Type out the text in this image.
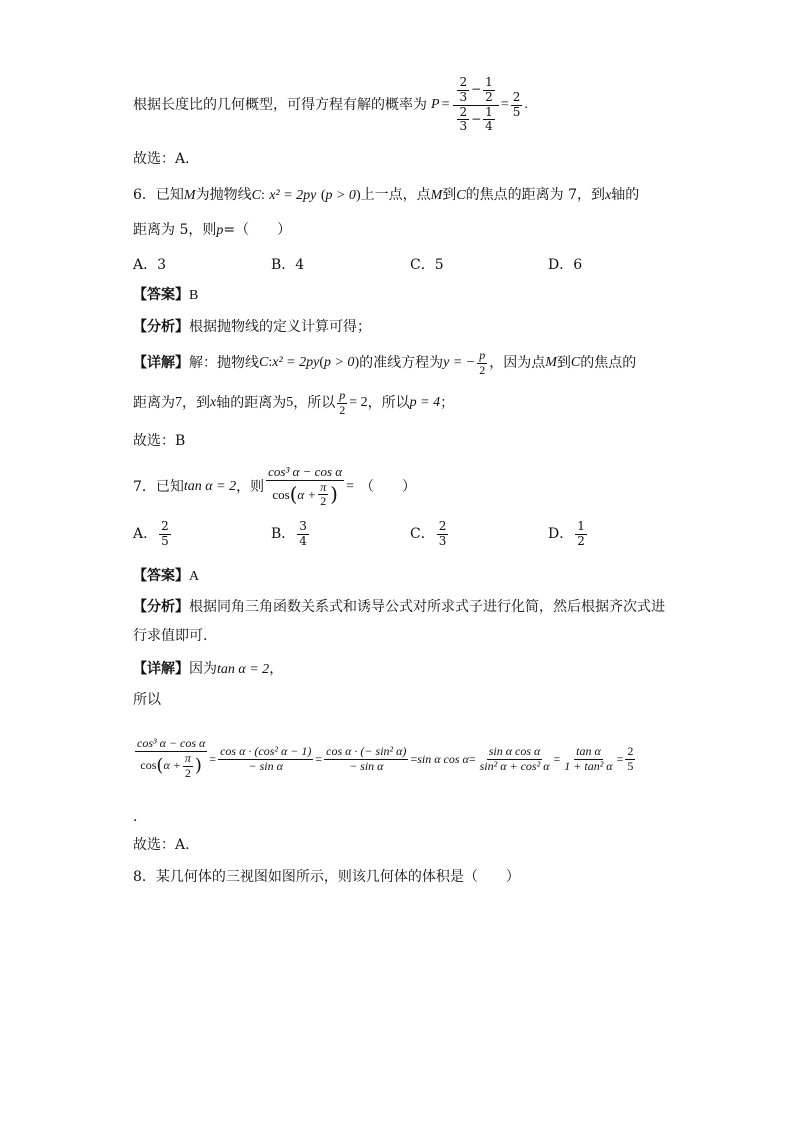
根据长度比的几何概型，可得方程有解的概率为 $P = \frac{\frac{2}{3} - \frac{1}{2}}{\frac{2}{3} - \frac{1}{4}} = \frac{2}{5}$ .
故选：A.
6．已知M为抛物线C: x² = 2py (p > 0)上一点，点M到C的焦点的距离为 7，到x轴的
距离为 5，则p=（　　）
A．3	B．4	C．5	D．6
【答案】B
【分析】根据抛物线的定义计算可得；
【详解】 解：抛物线 C : x² = 2py ( p > 0 ) 的准线方程为 y = − $\frac{p}{2}$ ，因为点 M 到 C 的焦点的
距离为 7 ，到 x 轴的距离为 5 ，所以 $\frac{p}{2} = 2$ ，所以 p = 4 ；
故选：B
7．已知 tan α = 2 ，则 $\frac{\text{cos³ α − cos α}}{\cos ( \alpha + \frac{\pi}{2} )}$ = （　　）
A． $\frac{2}{5}$	B． $\frac{3}{4}$	C． $\frac{2}{3}$	D． $\frac{1}{2}$
【答案】A
【分析】根据同角三角函数关系式和诱导公式对所求式子进行化简，然后根据齐次式进
行求值即可.
【详解】因为tan α = 2，
所以
$\frac{\text{cos³ α − cos α}}{\cos ( \alpha + \frac{\pi}{2} )} = \frac{\text{cos α · (cos² α − 1)}}{\text{− sin α}} = \frac{\text{cos α · (− sin² α)}}{\text{− sin α}} = \sin \alpha$ $\cos \alpha = \frac{\text{sin α cos α}}{\text{sin² α + cos² α}} = \frac{\text{tan α}}{\text{1 + tan² α}} = \frac{2}{5}$
.
故选：A.
8．某几何体的三视图如图所示，则该几何体的体积是（　　）
